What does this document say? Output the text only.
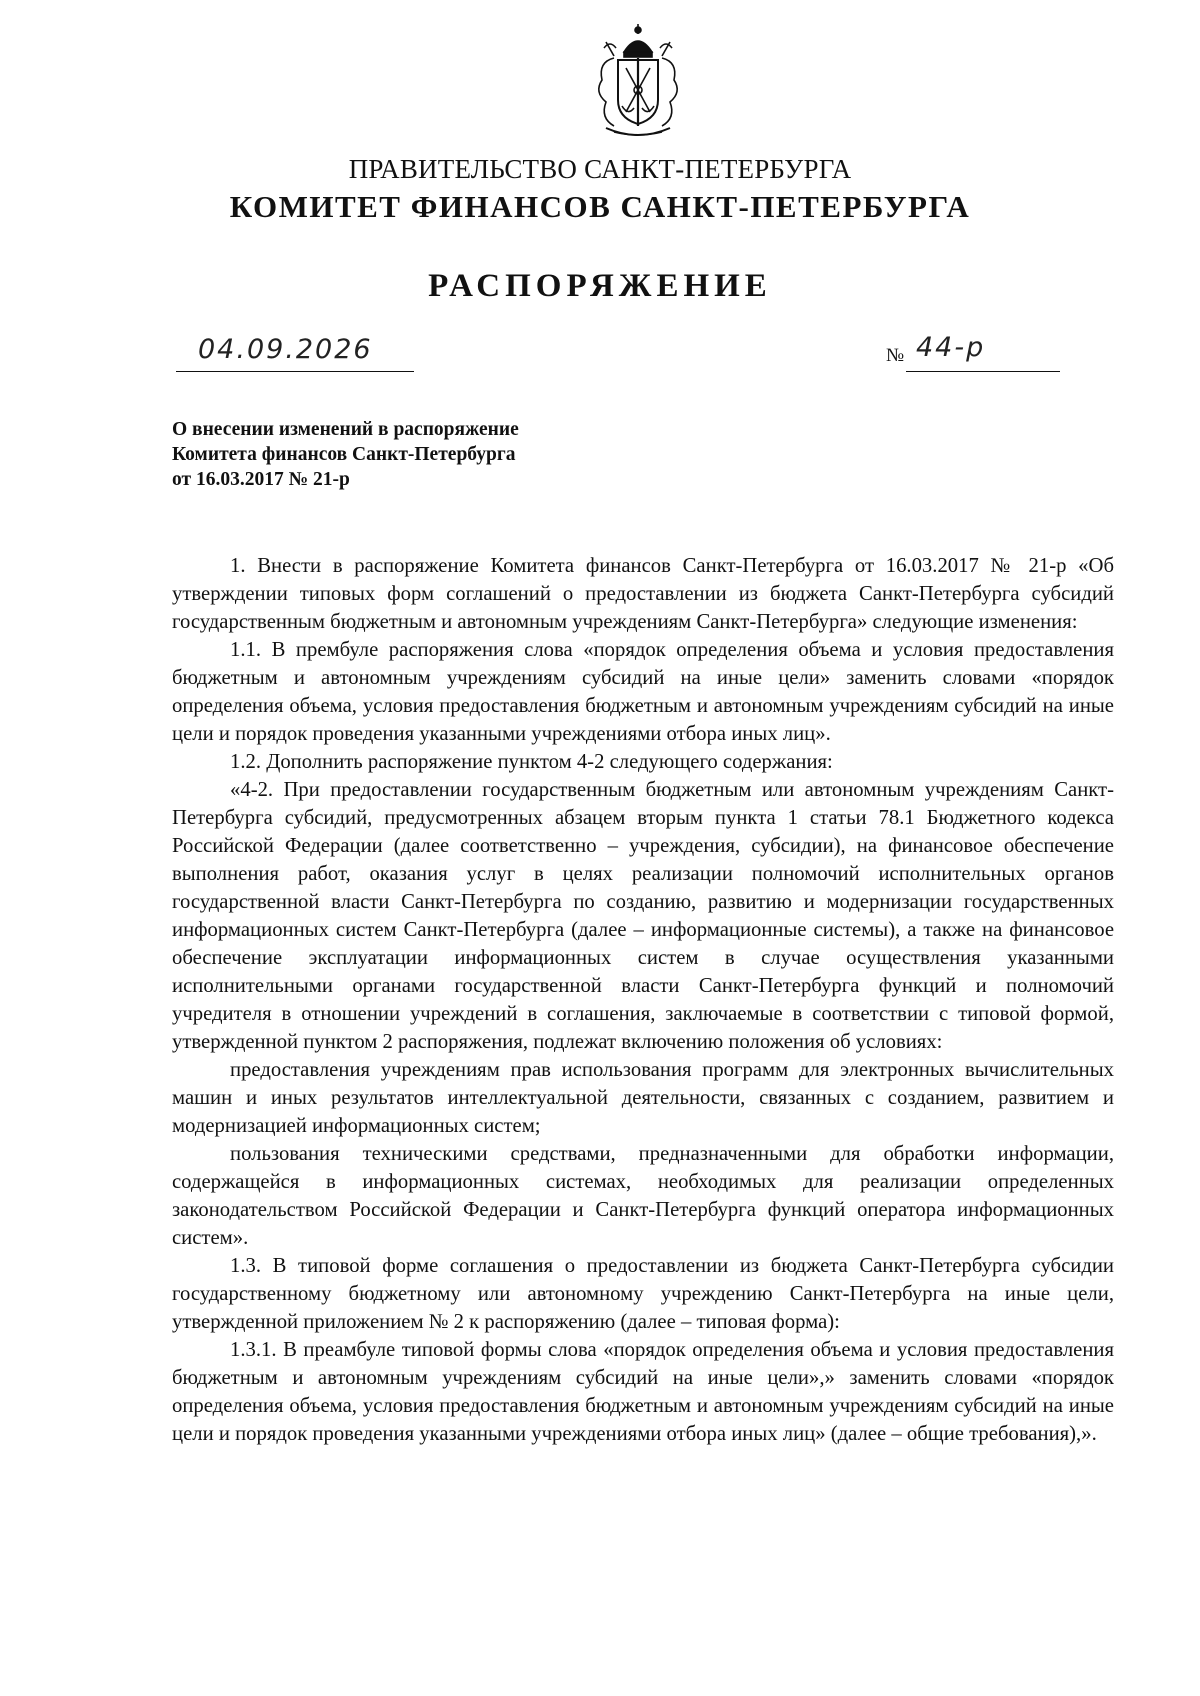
ПРАВИТЕЛЬСТВО САНКТ-ПЕТЕРБУРГА
КОМИТЕТ ФИНАНСОВ САНКТ-ПЕТЕРБУРГА
РАСПОРЯЖЕНИЕ
04.09.2026	№ 44-р
О внесении изменений в распоряжение
Комитета финансов Санкт-Петербурга
от 16.03.2017 № 21-р

1. Внести в распоряжение Комитета финансов Санкт-Петербурга от 16.03.2017 № 21-р «Об утверждении типовых форм соглашений о предоставлении из бюджета Санкт-Петербурга субсидий государственным бюджетным и автономным учреждениям Санкт-Петербурга» следующие изменения:

1.1. В прембуле распоряжения слова «порядок определения объема и условия предоставления бюджетным и автономным учреждениям субсидий на иные цели» заменить словами «порядок определения объема, условия предоставления бюджетным и автономным учреждениям субсидий на иные цели и порядок проведения указанными учреждениями отбора иных лиц».

1.2. Дополнить распоряжение пунктом 4-2 следующего содержания:

«4-2. При предоставлении государственным бюджетным или автономным учреждениям Санкт-Петербурга субсидий, предусмотренных абзацем вторым пункта 1 статьи 78.1 Бюджетного кодекса Российской Федерации (далее соответственно – учреждения, субсидии), на финансовое обеспечение выполнения работ, оказания услуг в целях реализации полномочий исполнительных органов государственной власти Санкт-Петербурга по созданию, развитию и модернизации государственных информационных систем Санкт-Петербурга (далее – информационные системы), а также на финансовое обеспечение эксплуатации информационных систем в случае осуществления указанными исполнительными органами государственной власти Санкт-Петербурга функций и полномочий учредителя в отношении учреждений в соглашения, заключаемые в соответствии с типовой формой, утвержденной пунктом 2 распоряжения, подлежат включению положения об условиях:

предоставления учреждениям прав использования программ для электронных вычислительных машин и иных результатов интеллектуальной деятельности, связанных с созданием, развитием и модернизацией информационных систем;

пользования техническими средствами, предназначенными для обработки информации, содержащейся в информационных системах, необходимых для реализации определенных законодательством Российской Федерации и Санкт-Петербурга функций оператора информационных систем».

1.3. В типовой форме соглашения о предоставлении из бюджета Санкт-Петербурга субсидии государственному бюджетному или автономному учреждению Санкт-Петербурга на иные цели, утвержденной приложением № 2 к распоряжению (далее – типовая форма):

1.3.1. В преамбуле типовой формы слова «порядок определения объема и условия предоставления бюджетным и автономным учреждениям субсидий на иные цели»,» заменить словами «порядок определения объема, условия предоставления бюджетным и автономным учреждениям субсидий на иные цели и порядок проведения указанными учреждениями отбора иных лиц» (далее – общие требования),».
